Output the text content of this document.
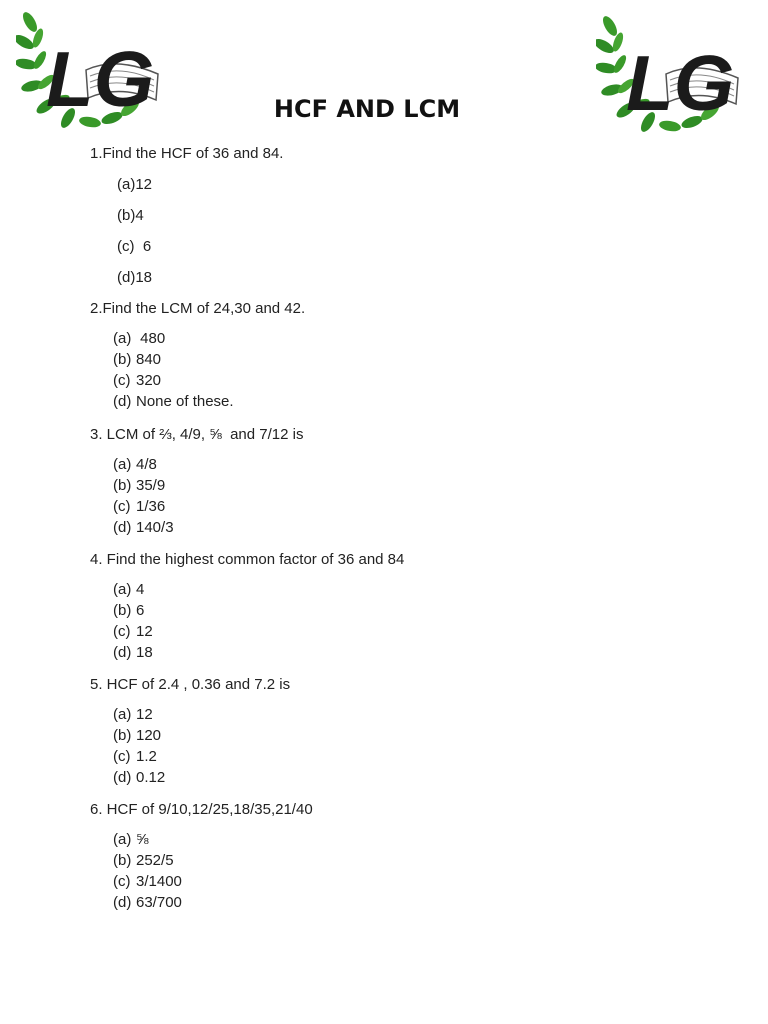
LG	LG
HCF AND LCM
1.Find the HCF of 36 and 84.
(a)12
(b)4
(c)  6
(d)18
2.Find the LCM of 24,30 and 42.
(a) 480
(b) 840
(c) 320
(d) None of these.
3. LCM of ⅔, 4/9, ⅝  and 7/12 is
(a) 4/8
(b) 35/9
(c) 1/36
(d) 140/3
4. Find the highest common factor of 36 and 84
(a) 4
(b) 6
(c) 12
(d) 18
5. HCF of 2.4 , 0.36 and 7.2 is
(a) 12
(b) 120
(c) 1.2
(d) 0.12
6. HCF of 9/10,12/25,18/35,21/40
(a) ⅝
(b) 252/5
(c) 3/1400
(d) 63/700
